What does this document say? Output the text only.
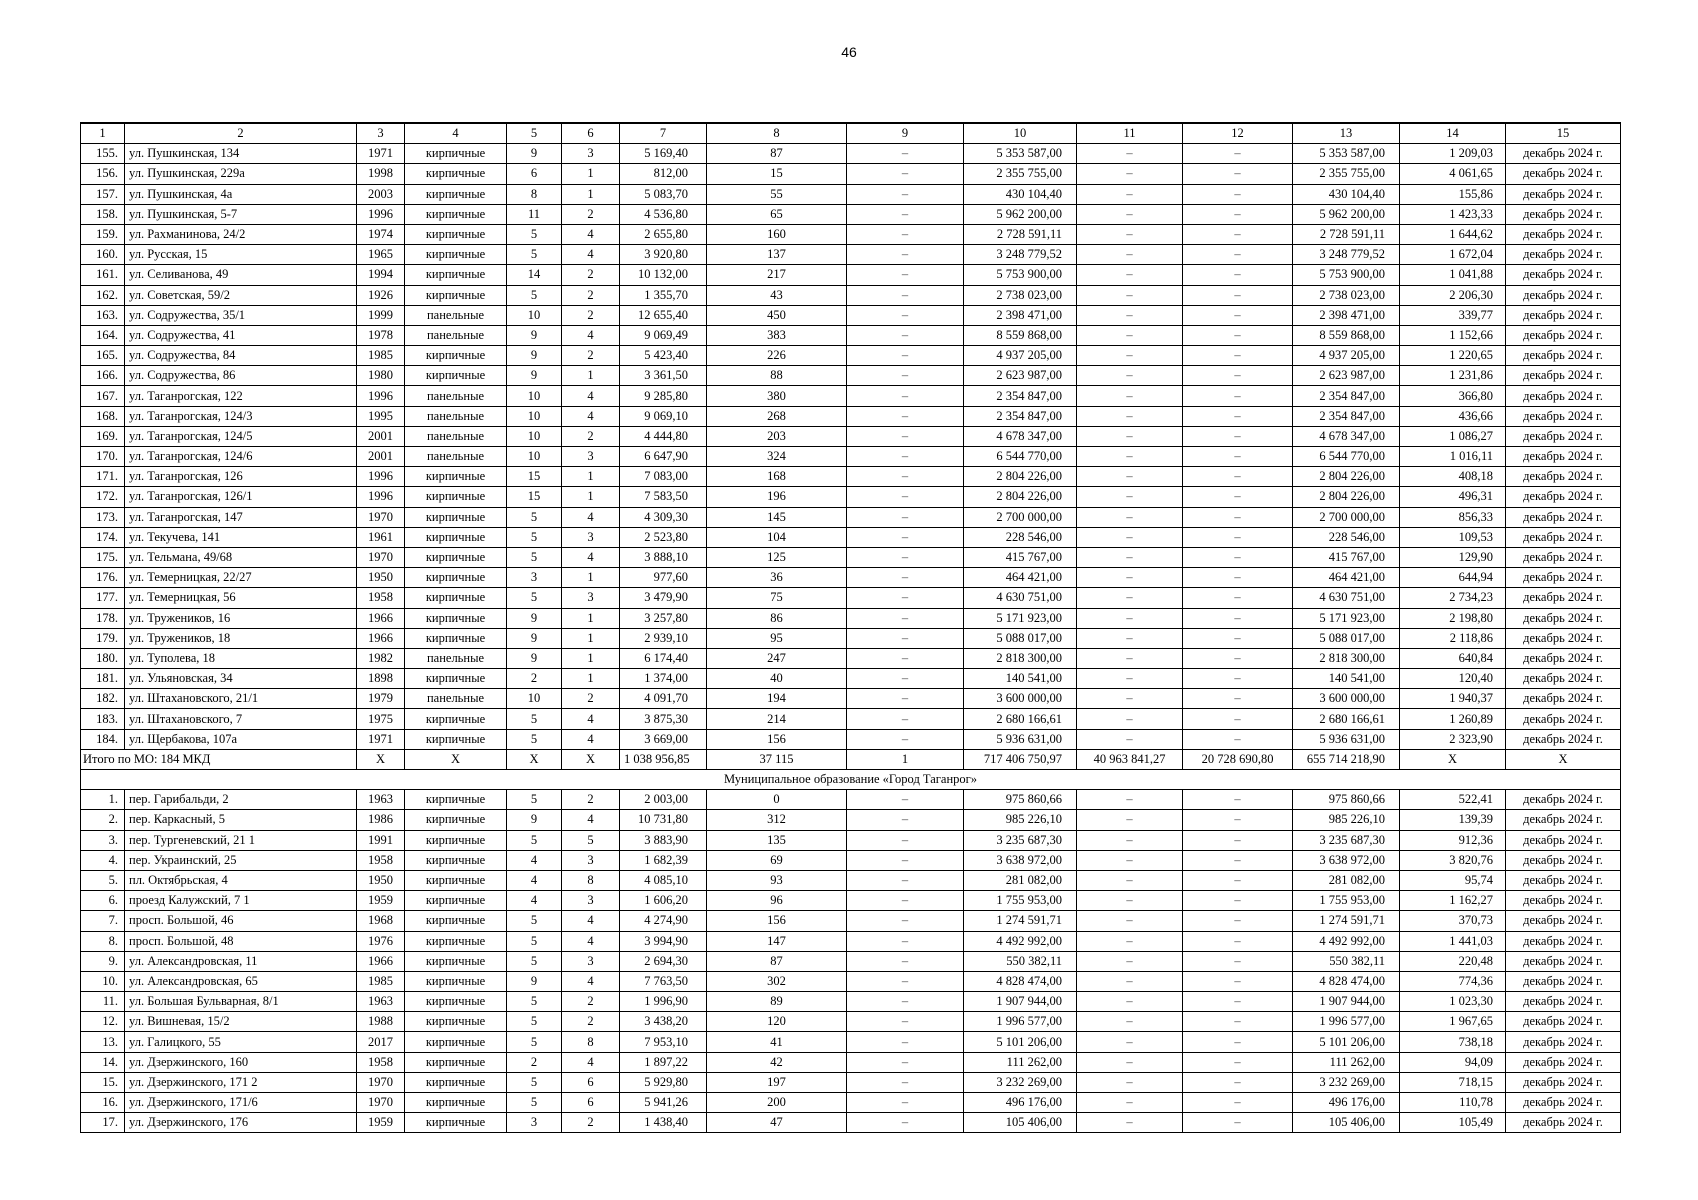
46
1	2	3	4	5	6	7	8	9	10	11	12	13	14	15
155.	ул. Пушкинская, 134	1971	кирпичные	9	3	5 169,40	87	–	5 353 587,00	–	–	5 353 587,00	1 209,03	декабрь 2024 г.
156.	ул. Пушкинская, 229а	1998	кирпичные	6	1	812,00	15	–	2 355 755,00	–	–	2 355 755,00	4 061,65	декабрь 2024 г.
157.	ул. Пушкинская, 4а	2003	кирпичные	8	1	5 083,70	55	–	430 104,40	–	–	430 104,40	155,86	декабрь 2024 г.
158.	ул. Пушкинская, 5-7	1996	кирпичные	11	2	4 536,80	65	–	5 962 200,00	–	–	5 962 200,00	1 423,33	декабрь 2024 г.
159.	ул. Рахманинова, 24/2	1974	кирпичные	5	4	2 655,80	160	–	2 728 591,11	–	–	2 728 591,11	1 644,62	декабрь 2024 г.
160.	ул. Русская, 15	1965	кирпичные	5	4	3 920,80	137	–	3 248 779,52	–	–	3 248 779,52	1 672,04	декабрь 2024 г.
161.	ул. Селиванова, 49	1994	кирпичные	14	2	10 132,00	217	–	5 753 900,00	–	–	5 753 900,00	1 041,88	декабрь 2024 г.
162.	ул. Советская, 59/2	1926	кирпичные	5	2	1 355,70	43	–	2 738 023,00	–	–	2 738 023,00	2 206,30	декабрь 2024 г.
163.	ул. Содружества, 35/1	1999	панельные	10	2	12 655,40	450	–	2 398 471,00	–	–	2 398 471,00	339,77	декабрь 2024 г.
164.	ул. Содружества, 41	1978	панельные	9	4	9 069,49	383	–	8 559 868,00	–	–	8 559 868,00	1 152,66	декабрь 2024 г.
165.	ул. Содружества, 84	1985	кирпичные	9	2	5 423,40	226	–	4 937 205,00	–	–	4 937 205,00	1 220,65	декабрь 2024 г.
166.	ул. Содружества, 86	1980	кирпичные	9	1	3 361,50	88	–	2 623 987,00	–	–	2 623 987,00	1 231,86	декабрь 2024 г.
167.	ул. Таганрогская, 122	1996	панельные	10	4	9 285,80	380	–	2 354 847,00	–	–	2 354 847,00	366,80	декабрь 2024 г.
168.	ул. Таганрогская, 124/3	1995	панельные	10	4	9 069,10	268	–	2 354 847,00	–	–	2 354 847,00	436,66	декабрь 2024 г.
169.	ул. Таганрогская, 124/5	2001	панельные	10	2	4 444,80	203	–	4 678 347,00	–	–	4 678 347,00	1 086,27	декабрь 2024 г.
170.	ул. Таганрогская, 124/6	2001	панельные	10	3	6 647,90	324	–	6 544 770,00	–	–	6 544 770,00	1 016,11	декабрь 2024 г.
171.	ул. Таганрогская, 126	1996	кирпичные	15	1	7 083,00	168	–	2 804 226,00	–	–	2 804 226,00	408,18	декабрь 2024 г.
172.	ул. Таганрогская, 126/1	1996	кирпичные	15	1	7 583,50	196	–	2 804 226,00	–	–	2 804 226,00	496,31	декабрь 2024 г.
173.	ул. Таганрогская, 147	1970	кирпичные	5	4	4 309,30	145	–	2 700 000,00	–	–	2 700 000,00	856,33	декабрь 2024 г.
174.	ул. Текучева, 141	1961	кирпичные	5	3	2 523,80	104	–	228 546,00	–	–	228 546,00	109,53	декабрь 2024 г.
175.	ул. Тельмана, 49/68	1970	кирпичные	5	4	3 888,10	125	–	415 767,00	–	–	415 767,00	129,90	декабрь 2024 г.
176.	ул. Темерницкая, 22/27	1950	кирпичные	3	1	977,60	36	–	464 421,00	–	–	464 421,00	644,94	декабрь 2024 г.
177.	ул. Темерницкая, 56	1958	кирпичные	5	3	3 479,90	75	–	4 630 751,00	–	–	4 630 751,00	2 734,23	декабрь 2024 г.
178.	ул. Тружеников, 16	1966	кирпичные	9	1	3 257,80	86	–	5 171 923,00	–	–	5 171 923,00	2 198,80	декабрь 2024 г.
179.	ул. Тружеников, 18	1966	кирпичные	9	1	2 939,10	95	–	5 088 017,00	–	–	5 088 017,00	2 118,86	декабрь 2024 г.
180.	ул. Туполева, 18	1982	панельные	9	1	6 174,40	247	–	2 818 300,00	–	–	2 818 300,00	640,84	декабрь 2024 г.
181.	ул. Ульяновская, 34	1898	кирпичные	2	1	1 374,00	40	–	140 541,00	–	–	140 541,00	120,40	декабрь 2024 г.
182.	ул. Штахановского, 21/1	1979	панельные	10	2	4 091,70	194	–	3 600 000,00	–	–	3 600 000,00	1 940,37	декабрь 2024 г.
183.	ул. Штахановского, 7	1975	кирпичные	5	4	3 875,30	214	–	2 680 166,61	–	–	2 680 166,61	1 260,89	декабрь 2024 г.
184.	ул. Щербакова, 107а	1971	кирпичные	5	4	3 669,00	156	–	5 936 631,00	–	–	5 936 631,00	2 323,90	декабрь 2024 г.
Итого по МО: 184 МКД		Х	Х	Х	Х	1 038 956,85	37 115	1	717 406 750,97	40 963 841,27	20 728 690,80	655 714 218,90	Х	Х
Муниципальное образование «Город Таганрог»														
1.	пер. Гарибальди, 2	1963	кирпичные	5	2	2 003,00	0	–	975 860,66	–	–	975 860,66	522,41	декабрь 2024 г.
2.	пер. Каркасный, 5	1986	кирпичные	9	4	10 731,80	312	–	985 226,10	–	–	985 226,10	139,39	декабрь 2024 г.
3.	пер. Тургеневский, 21 1	1991	кирпичные	5	5	3 883,90	135	–	3 235 687,30	–	–	3 235 687,30	912,36	декабрь 2024 г.
4.	пер. Украинский, 25	1958	кирпичные	4	3	1 682,39	69	–	3 638 972,00	–	–	3 638 972,00	3 820,76	декабрь 2024 г.
5.	пл. Октябрьская, 4	1950	кирпичные	4	8	4 085,10	93	–	281 082,00	–	–	281 082,00	95,74	декабрь 2024 г.
6.	проезд Калужский, 7 1	1959	кирпичные	4	3	1 606,20	96	–	1 755 953,00	–	–	1 755 953,00	1 162,27	декабрь 2024 г.
7.	просп. Большой, 46	1968	кирпичные	5	4	4 274,90	156	–	1 274 591,71	–	–	1 274 591,71	370,73	декабрь 2024 г.
8.	просп. Большой, 48	1976	кирпичные	5	4	3 994,90	147	–	4 492 992,00	–	–	4 492 992,00	1 441,03	декабрь 2024 г.
9.	ул. Александровская, 11	1966	кирпичные	5	3	2 694,30	87	–	550 382,11	–	–	550 382,11	220,48	декабрь 2024 г.
10.	ул. Александровская, 65	1985	кирпичные	9	4	7 763,50	302	–	4 828 474,00	–	–	4 828 474,00	774,36	декабрь 2024 г.
11.	ул. Большая Бульварная, 8/1	1963	кирпичные	5	2	1 996,90	89	–	1 907 944,00	–	–	1 907 944,00	1 023,30	декабрь 2024 г.
12.	ул. Вишневая, 15/2	1988	кирпичные	5	2	3 438,20	120	–	1 996 577,00	–	–	1 996 577,00	1 967,65	декабрь 2024 г.
13.	ул. Галицкого, 55	2017	кирпичные	5	8	7 953,10	41	–	5 101 206,00	–	–	5 101 206,00	738,18	декабрь 2024 г.
14.	ул. Дзержинского, 160	1958	кирпичные	2	4	1 897,22	42	–	111 262,00	–	–	111 262,00	94,09	декабрь 2024 г.
15.	ул. Дзержинского, 171 2	1970	кирпичные	5	6	5 929,80	197	–	3 232 269,00	–	–	3 232 269,00	718,15	декабрь 2024 г.
16.	ул. Дзержинского, 171/6	1970	кирпичные	5	6	5 941,26	200	–	496 176,00	–	–	496 176,00	110,78	декабрь 2024 г.
17.	ул. Дзержинского, 176	1959	кирпичные	3	2	1 438,40	47	–	105 406,00	–	–	105 406,00	105,49	декабрь 2024 г.
